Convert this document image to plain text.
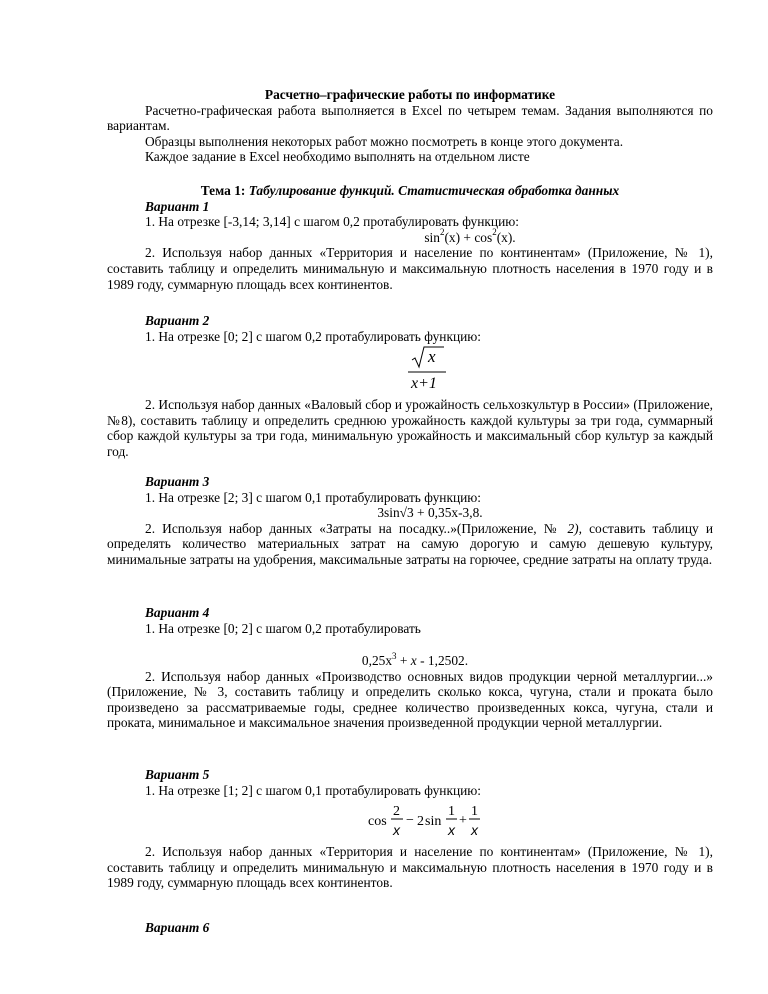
Расчетно–графические работы по информатике

Расчетно-графическая работа выполняется в Excel по четырем темам. Задания выполняются по вариантам.

Образцы выполнения некоторых работ можно посмотреть в конце этого документа.

Каждое задание в Excel необходимо выполнять на отдельном листе

Тема 1: Табулирование функций. Статистическая обработка данных

Вариант 1

1. На отрезке [-3,14; 3,14] с шагом 0,2 протабулировать функцию:

$\sin^2(x) + \cos^2(x)$.

2. Используя набор данных «Территория и население по континентам» (Приложение, № 1), составить таблицу и определить минимальную и максимальную плотность населения в 1970 году и в 1989 году, суммарную площадь всех континентов.

Вариант 2

1. На отрезке [0; 2] с шагом 0,2 протабулировать функцию:

x
x+1

2. Используя набор данных «Валовый сбор и урожайность сельхозкультур в России» (Приложение, №8), составить таблицу и определить среднюю урожайность каждой культуры за три года, суммарный сбор каждой культуры за три года, минимальную урожайность и максимальный сбор культур за каждый год.

Вариант 3

1. На отрезке [2; 3] с шагом 0,1 протабулировать функцию:

3sin√3 + 0,35x-3,8.

2. Используя набор данных «Затраты на посадку..»(Приложение, № 2), составить таблицу и определять количество материальных затрат на самую дорогую и самую дешевую культуру, минимальные затраты на удобрения, максимальные затраты на горючее, средние затраты на оплату труда.

Вариант 4

1. На отрезке [0; 2] с шагом 0,2 протабулировать

$0,25x^3 + x - 1,2502$.

2. Используя набор данных «Производство основных видов продукции черной металлургии...» (Приложение, № 3, составить таблицу и определить сколько кокса, чугуна, стали и проката было произведено за рассматриваемые годы, среднее количество произведенных кокса, чугуна, стали и проката, минимальное и максимальное значения произведенной продукции черной металлургии.

Вариант 5

1. На отрезке [1; 2] с шагом 0,1 протабулировать функцию:

cos
2
x
− 2 sin
1
x
+
1
x

2. Используя набор данных «Территория и население по континентам» (Приложение, № 1), составить таблицу и определить минимальную и максимальную плотность населения в 1970 году и в 1989 году, суммарную площадь всех континентов.

Вариант 6
